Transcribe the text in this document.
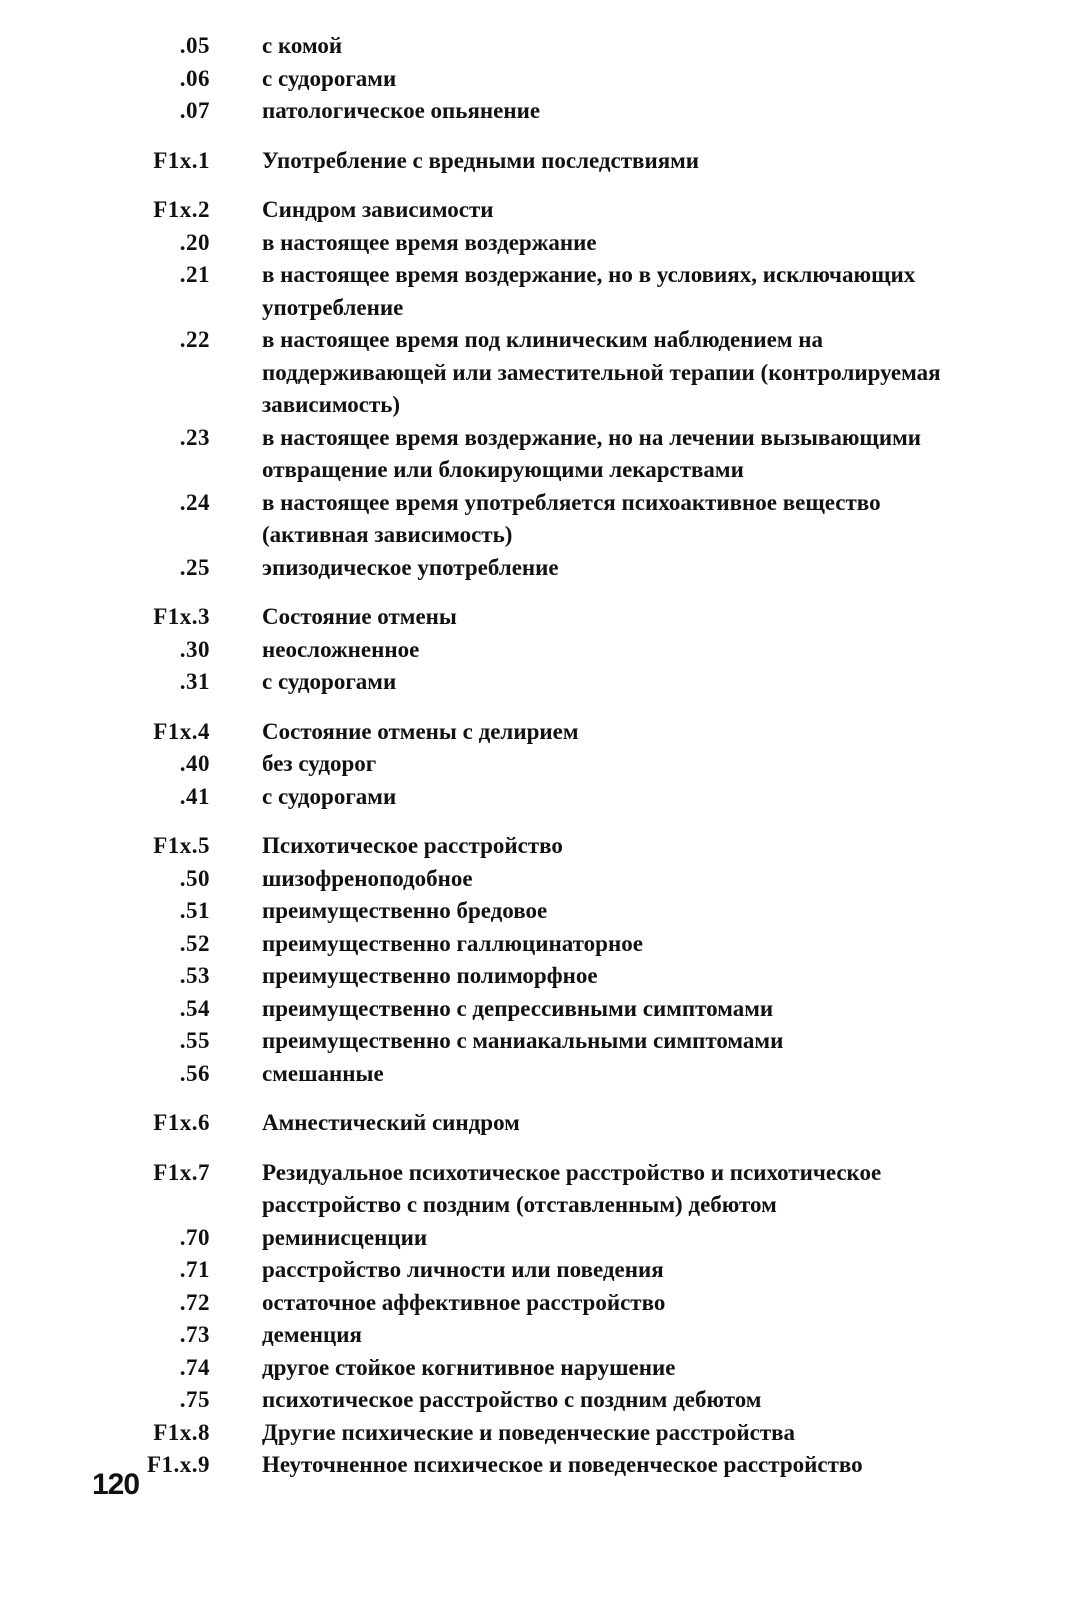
.05 с комой
.06 с судорогами
.07 патологическое опьянение
F1x.1 Употребление с вредными последствиями
F1x.2 Синдром зависимости
.20 в настоящее время воздержание
.21 в настоящее время воздержание, но в условиях, исключающих употребление
.22 в настоящее время под клиническим наблюдением на поддерживающей или заместительной терапии (контролируемая зависимость)
.23 в настоящее время воздержание, но на лечении вызывающими отвращение или блокирующими лекарствами
.24 в настоящее время употребляется психоактивное вещество (активная зависимость)
.25 эпизодическое употребление
F1x.3 Состояние отмены
.30 неосложненное
.31 с судорогами
F1x.4 Состояние отмены с делирием
.40 без судорог
.41 с судорогами
F1x.5 Психотическое расстройство
.50 шизофреноподобное
.51 преимущественно бредовое
.52 преимущественно галлюцинаторное
.53 преимущественно полиморфное
.54 преимущественно с депрессивными симптомами
.55 преимущественно с маниакальными симптомами
.56 смешанные
F1x.6 Амнестический синдром
F1x.7 Резидуальное психотическое расстройство и психотическое расстройство с поздним (отставленным) дебютом
.70 реминисценции
.71 расстройство личности или поведения
.72 остаточное аффективное расстройство
.73 деменция
.74 другое стойкое когнитивное нарушение
.75 психотическое расстройство с поздним дебютом
F1x.8 Другие психические и поведенческие расстройства
F1.x.9 Неуточненное психическое и поведенческое расстройство
120
